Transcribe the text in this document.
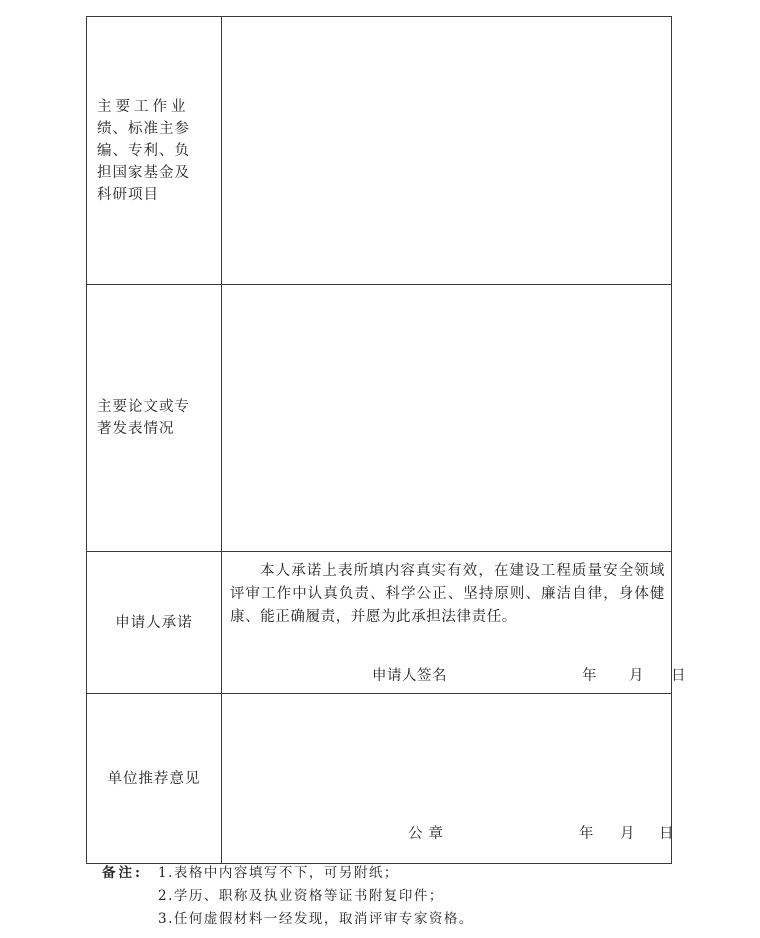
主要工作业
绩、标准主参
编、专利、负
担国家基金及
科研项目	

主要论文或专
著发表情况	

申请人承诺	本人承诺上表所填内容真实有效，在建设工程质量安全领域评审工作中认真负责、科学公正、坚持原则、廉洁自律，身体健康、能正确履责，并愿为此承担法律责任。
申请人签名 年 月 日

单位推荐意见	公章 年 月 日
备注: 1.表格中内容填写不下，可另附纸；
2.学历、职称及执业资格等证书附复印件；
3.任何虚假材料一经发现，取消评审专家资格。
